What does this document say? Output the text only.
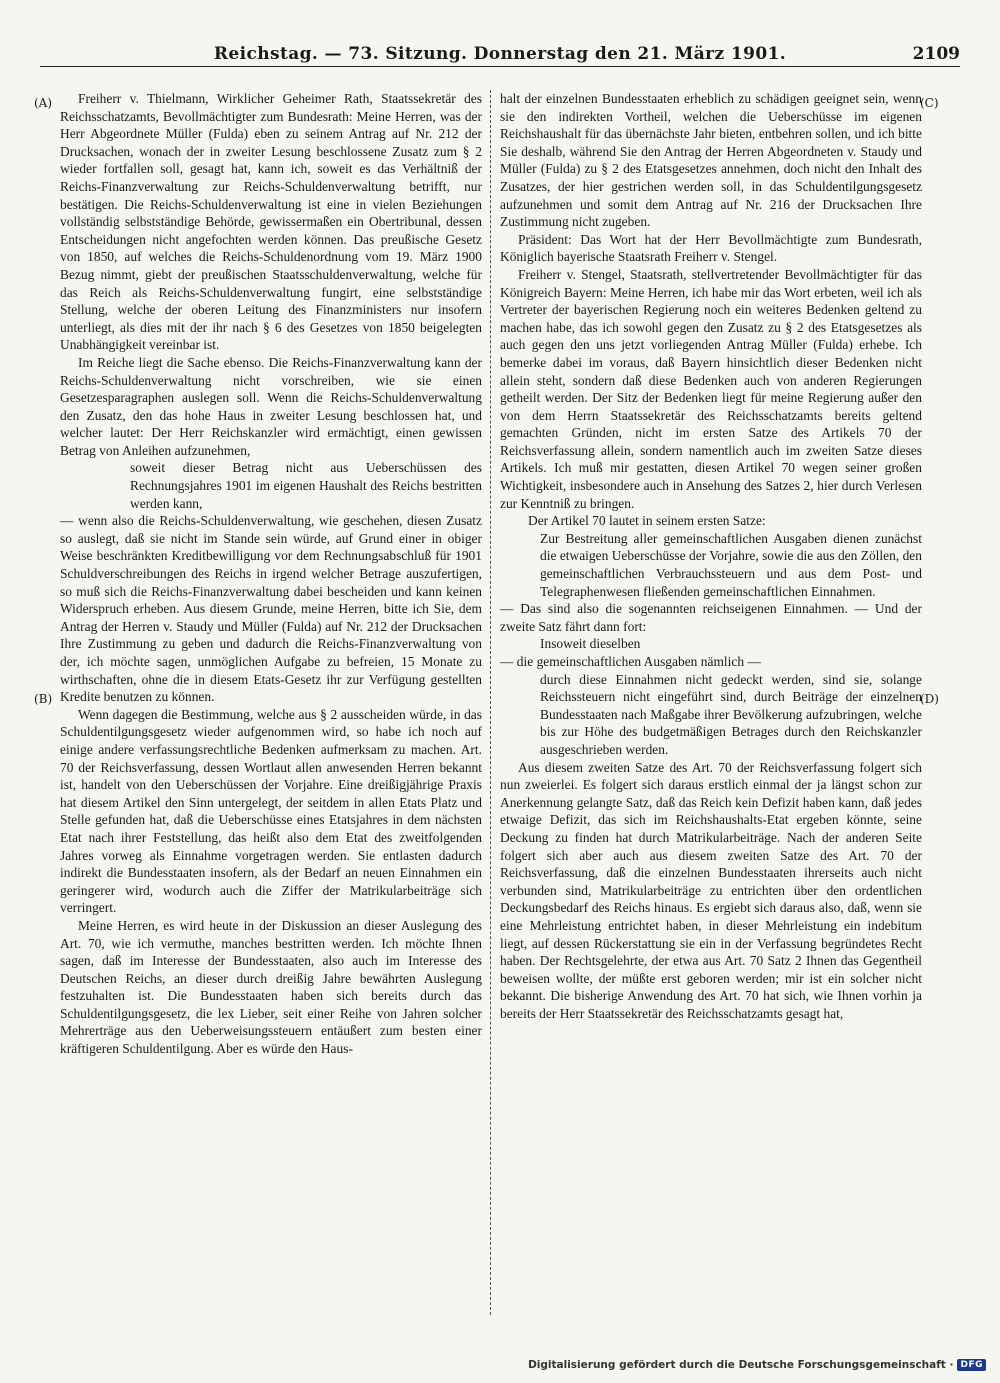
Reichstag. — 73. Sitzung. Donnerstag den 21. März 1901.	2109
(A)
(B)
(C)
(D)

Freiherr v. Thielmann, Wirklicher Geheimer Rath, Staatssekretär des Reichsschatzamts, Bevollmächtigter zum Bundesrath: Meine Herren, was der Herr Abgeordnete Müller (Fulda) eben zu seinem Antrag auf Nr. 212 der Drucksachen, wonach der in zweiter Lesung beschlossene Zusatz zum § 2 wieder fortfallen soll, gesagt hat, kann ich, soweit es das Verhältniß der Reichs-Finanzverwaltung zur Reichs-Schuldenverwaltung betrifft, nur bestätigen. Die Reichs-Schuldenverwaltung ist eine in vielen Beziehungen vollständig selbstständige Behörde, gewissermaßen ein Obertribunal, dessen Entscheidungen nicht angefochten werden können. Das preußische Gesetz von 1850, auf welches die Reichs-Schuldenordnung vom 19. März 1900 Bezug nimmt, giebt der preußischen Staatsschuldenverwaltung, welche für das Reich als Reichs-Schuldenverwaltung fungirt, eine selbstständige Stellung, welche der oberen Leitung des Finanzministers nur insofern unterliegt, als dies mit der ihr nach § 6 des Gesetzes von 1850 beigelegten Unabhängigkeit vereinbar ist.

Im Reiche liegt die Sache ebenso. Die Reichs-Finanzverwaltung kann der Reichs-Schuldenverwaltung nicht vorschreiben, wie sie einen Gesetzesparagraphen auslegen soll. Wenn die Reichs-Schuldenverwaltung den Zusatz, den das hohe Haus in zweiter Lesung beschlossen hat, und welcher lautet: Der Herr Reichskanzler wird ermächtigt, einen gewissen Betrag von Anleihen aufzunehmen,

soweit dieser Betrag nicht aus Ueberschüssen des Rechnungsjahres 1901 im eigenen Haushalt des Reichs bestritten werden kann,

— wenn also die Reichs-Schuldenverwaltung, wie geschehen, diesen Zusatz so auslegt, daß sie nicht im Stande sein würde, auf Grund einer in obiger Weise beschränkten Kreditbewilligung vor dem Rechnungsabschluß für 1901 Schuldverschreibungen des Reichs in irgend welcher Betrage auszufertigen, so muß sich die Reichs-Finanzverwaltung dabei bescheiden und kann keinen Widerspruch erheben. Aus diesem Grunde, meine Herren, bitte ich Sie, dem Antrag der Herren v. Staudy und Müller (Fulda) auf Nr. 212 der Drucksachen Ihre Zustimmung zu geben und dadurch die Reichs-Finanzverwaltung von der, ich möchte sagen, unmöglichen Aufgabe zu befreien, 15 Monate zu wirthschaften, ohne die in diesem Etats-Gesetz ihr zur Verfügung gestellten Kredite benutzen zu können.

Wenn dagegen die Bestimmung, welche aus § 2 ausscheiden würde, in das Schuldentilgungsgesetz wieder aufgenommen wird, so habe ich noch auf einige andere verfassungsrechtliche Bedenken aufmerksam zu machen. Art. 70 der Reichsverfassung, dessen Wortlaut allen anwesenden Herren bekannt ist, handelt von den Ueberschüssen der Vorjahre. Eine dreißigjährige Praxis hat diesem Artikel den Sinn untergelegt, der seitdem in allen Etats Platz und Stelle gefunden hat, daß die Ueberschüsse eines Etatsjahres in dem nächsten Etat nach ihrer Feststellung, das heißt also dem Etat des zweitfolgenden Jahres vorweg als Einnahme vorgetragen werden. Sie entlasten dadurch indirekt die Bundesstaaten insofern, als der Bedarf an neuen Einnahmen ein geringerer wird, wodurch auch die Ziffer der Matrikularbeiträge sich verringert.

Meine Herren, es wird heute in der Diskussion an dieser Auslegung des Art. 70, wie ich vermuthe, manches bestritten werden. Ich möchte Ihnen sagen, daß im Interesse der Bundesstaaten, also auch im Interesse des Deutschen Reichs, an dieser durch dreißig Jahre bewährten Auslegung festzuhalten ist. Die Bundesstaaten haben sich bereits durch das Schuldentilgungsgesetz, die lex Lieber, seit einer Reihe von Jahren solcher Mehrerträge aus den Ueberweisungssteuern entäußert zum besten einer kräftigeren Schuldentilgung. Aber es würde den Haus-

halt der einzelnen Bundesstaaten erheblich zu schädigen geeignet sein, wenn sie den indirekten Vortheil, welchen die Ueberschüsse im eigenen Reichshaushalt für das übernächste Jahr bieten, entbehren sollen, und ich bitte Sie deshalb, während Sie den Antrag der Herren Abgeordneten v. Staudy und Müller (Fulda) zu § 2 des Etatsgesetzes annehmen, doch nicht den Inhalt des Zusatzes, der hier gestrichen werden soll, in das Schuldentilgungsgesetz aufzunehmen und somit dem Antrag auf Nr. 216 der Drucksachen Ihre Zustimmung nicht zugeben.

Präsident: Das Wort hat der Herr Bevollmächtigte zum Bundesrath, Königlich bayerische Staatsrath Freiherr v. Stengel.

Freiherr v. Stengel, Staatsrath, stellvertretender Bevollmächtigter für das Königreich Bayern: Meine Herren, ich habe mir das Wort erbeten, weil ich als Vertreter der bayerischen Regierung noch ein weiteres Bedenken geltend zu machen habe, das ich sowohl gegen den Zusatz zu § 2 des Etatsgesetzes als auch gegen den uns jetzt vorliegenden Antrag Müller (Fulda) erhebe. Ich bemerke dabei im voraus, daß Bayern hinsichtlich dieser Bedenken nicht allein steht, sondern daß diese Bedenken auch von anderen Regierungen getheilt werden. Der Sitz der Bedenken liegt für meine Regierung außer den von dem Herrn Staatssekretär des Reichsschatzamts bereits geltend gemachten Gründen, nicht im ersten Satze des Artikels 70 der Reichsverfassung allein, sondern namentlich auch im zweiten Satze dieses Artikels. Ich muß mir gestatten, diesen Artikel 70 wegen seiner großen Wichtigkeit, insbesondere auch in Ansehung des Satzes 2, hier durch Verlesen zur Kenntniß zu bringen.

Der Artikel 70 lautet in seinem ersten Satze:

Zur Bestreitung aller gemeinschaftlichen Ausgaben dienen zunächst die etwaigen Ueberschüsse der Vorjahre, sowie die aus den Zöllen, den gemeinschaftlichen Verbrauchssteuern und aus dem Post- und Telegraphenwesen fließenden gemeinschaftlichen Einnahmen.

— Das sind also die sogenannten reichseigenen Einnahmen. — Und der zweite Satz fährt dann fort:

Insoweit dieselben

— die gemeinschaftlichen Ausgaben nämlich —

durch diese Einnahmen nicht gedeckt werden, sind sie, solange Reichssteuern nicht eingeführt sind, durch Beiträge der einzelnen Bundesstaaten nach Maßgabe ihrer Bevölkerung aufzubringen, welche bis zur Höhe des budgetmäßigen Betrages durch den Reichskanzler ausgeschrieben werden.

Aus diesem zweiten Satze des Art. 70 der Reichsverfassung folgert sich nun zweierlei. Es folgert sich daraus erstlich einmal der ja längst schon zur Anerkennung gelangte Satz, daß das Reich kein Defizit haben kann, daß jedes etwaige Defizit, das sich im Reichshaushalts-Etat ergeben könnte, seine Deckung zu finden hat durch Matrikularbeiträge. Nach der anderen Seite folgert sich aber auch aus diesem zweiten Satze des Art. 70 der Reichsverfassung, daß die einzelnen Bundesstaaten ihrerseits auch nicht verbunden sind, Matrikularbeiträge zu entrichten über den ordentlichen Deckungsbedarf des Reichs hinaus. Es ergiebt sich daraus also, daß, wenn sie eine Mehrleistung entrichtet haben, in dieser Mehrleistung ein indebitum liegt, auf dessen Rückerstattung sie ein in der Verfassung begründetes Recht haben. Der Rechtsgelehrte, der etwa aus Art. 70 Satz 2 Ihnen das Gegentheil beweisen wollte, der müßte erst geboren werden; mir ist ein solcher nicht bekannt. Die bisherige Anwendung des Art. 70 hat sich, wie Ihnen vorhin ja bereits der Herr Staatssekretär des Reichsschatzamts gesagt hat,

Digitalisierung gefördert durch die Deutsche Forschungsgemeinschaft · DFG
